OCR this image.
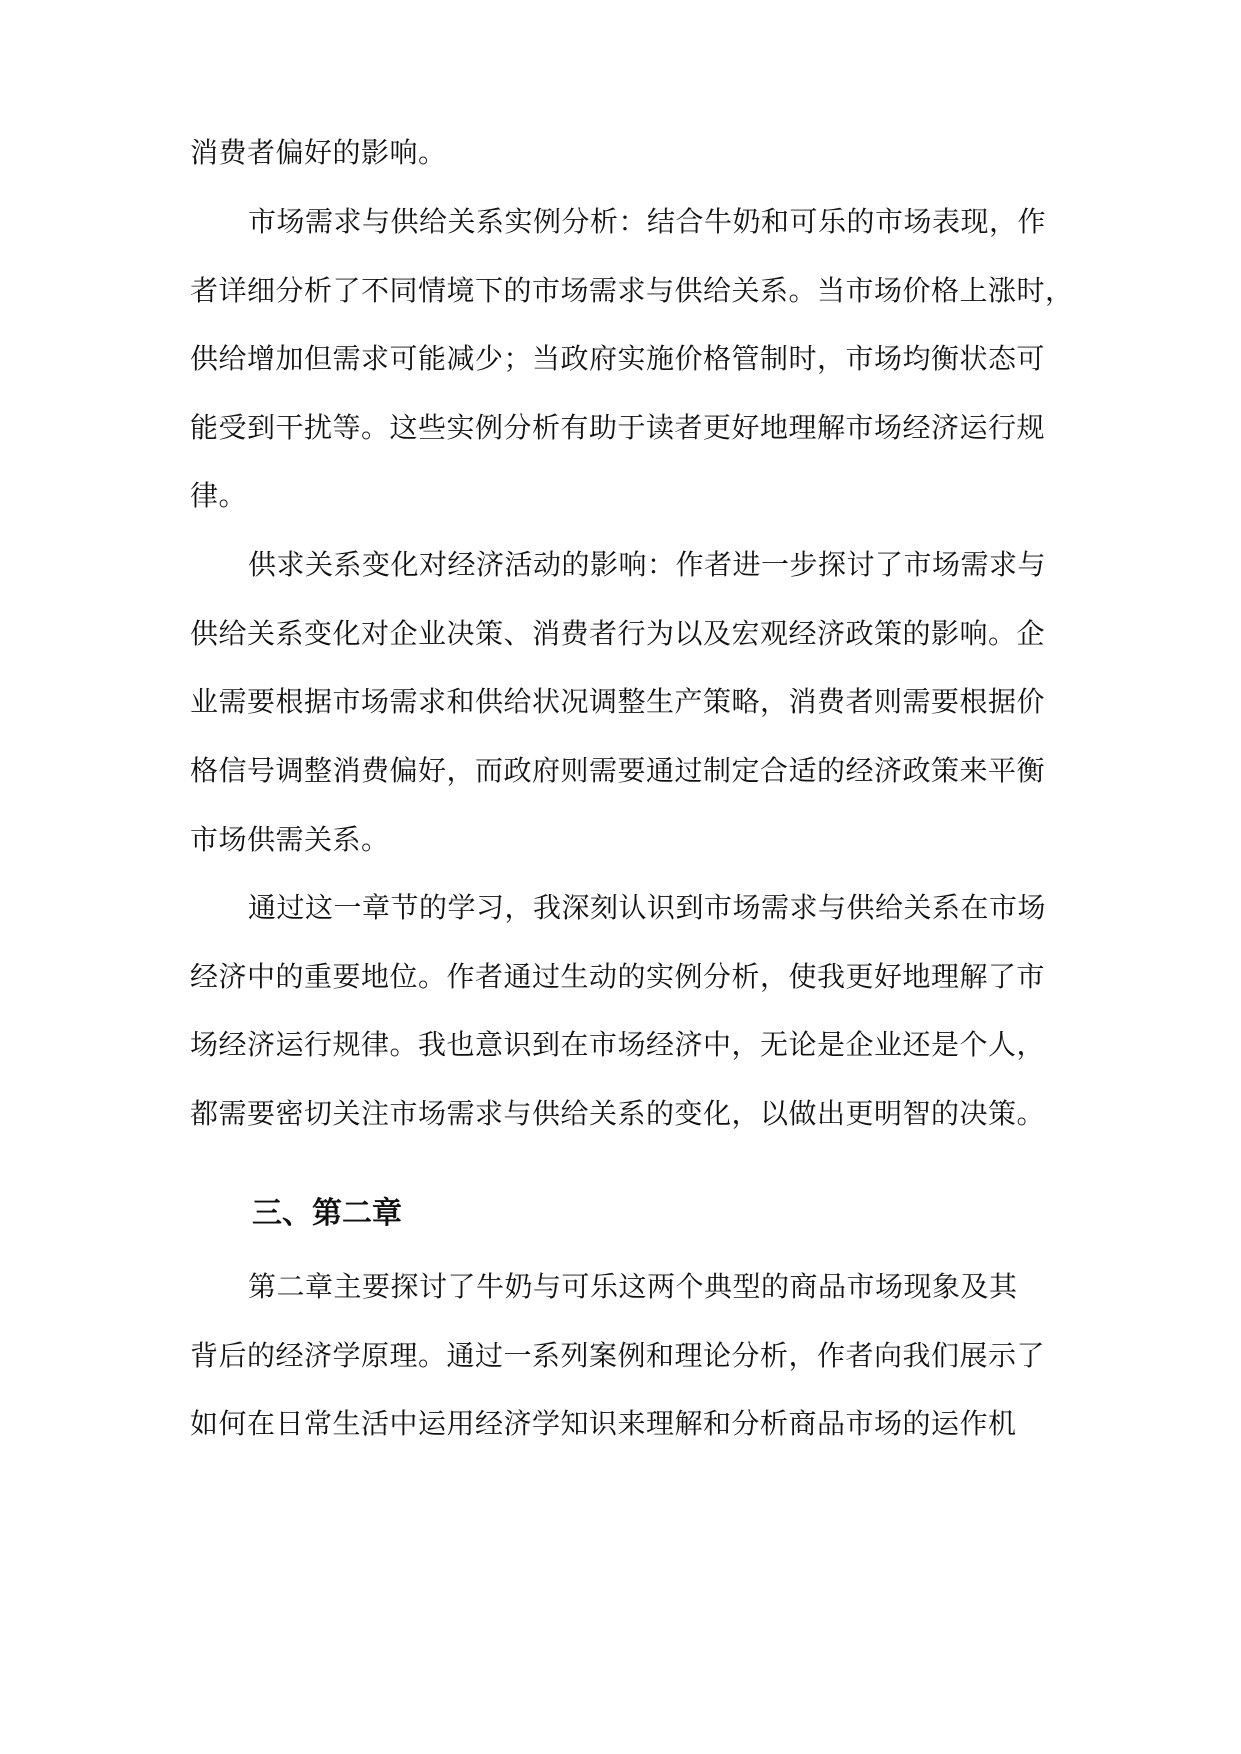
消费者偏好的影响。
市场需求与供给关系实例分析：结合牛奶和可乐的市场表现，作
者详细分析了不同情境下的市场需求与供给关系。当市场价格上涨时，
供给增加但需求可能减少；当政府实施价格管制时，市场均衡状态可
能受到干扰等。这些实例分析有助于读者更好地理解市场经济运行规
律。
供求关系变化对经济活动的影响：作者进一步探讨了市场需求与
供给关系变化对企业决策、消费者行为以及宏观经济政策的影响。企
业需要根据市场需求和供给状况调整生产策略，消费者则需要根据价
格信号调整消费偏好，而政府则需要通过制定合适的经济政策来平衡
市场供需关系。
通过这一章节的学习，我深刻认识到市场需求与供给关系在市场
经济中的重要地位。作者通过生动的实例分析，使我更好地理解了市
场经济运行规律。我也意识到在市场经济中，无论是企业还是个人，
都需要密切关注市场需求与供给关系的变化，以做出更明智的决策。
三、第二章
第二章主要探讨了牛奶与可乐这两个典型的商品市场现象及其
背后的经济学原理。通过一系列案例和理论分析，作者向我们展示了
如何在日常生活中运用经济学知识来理解和分析商品市场的运作机
